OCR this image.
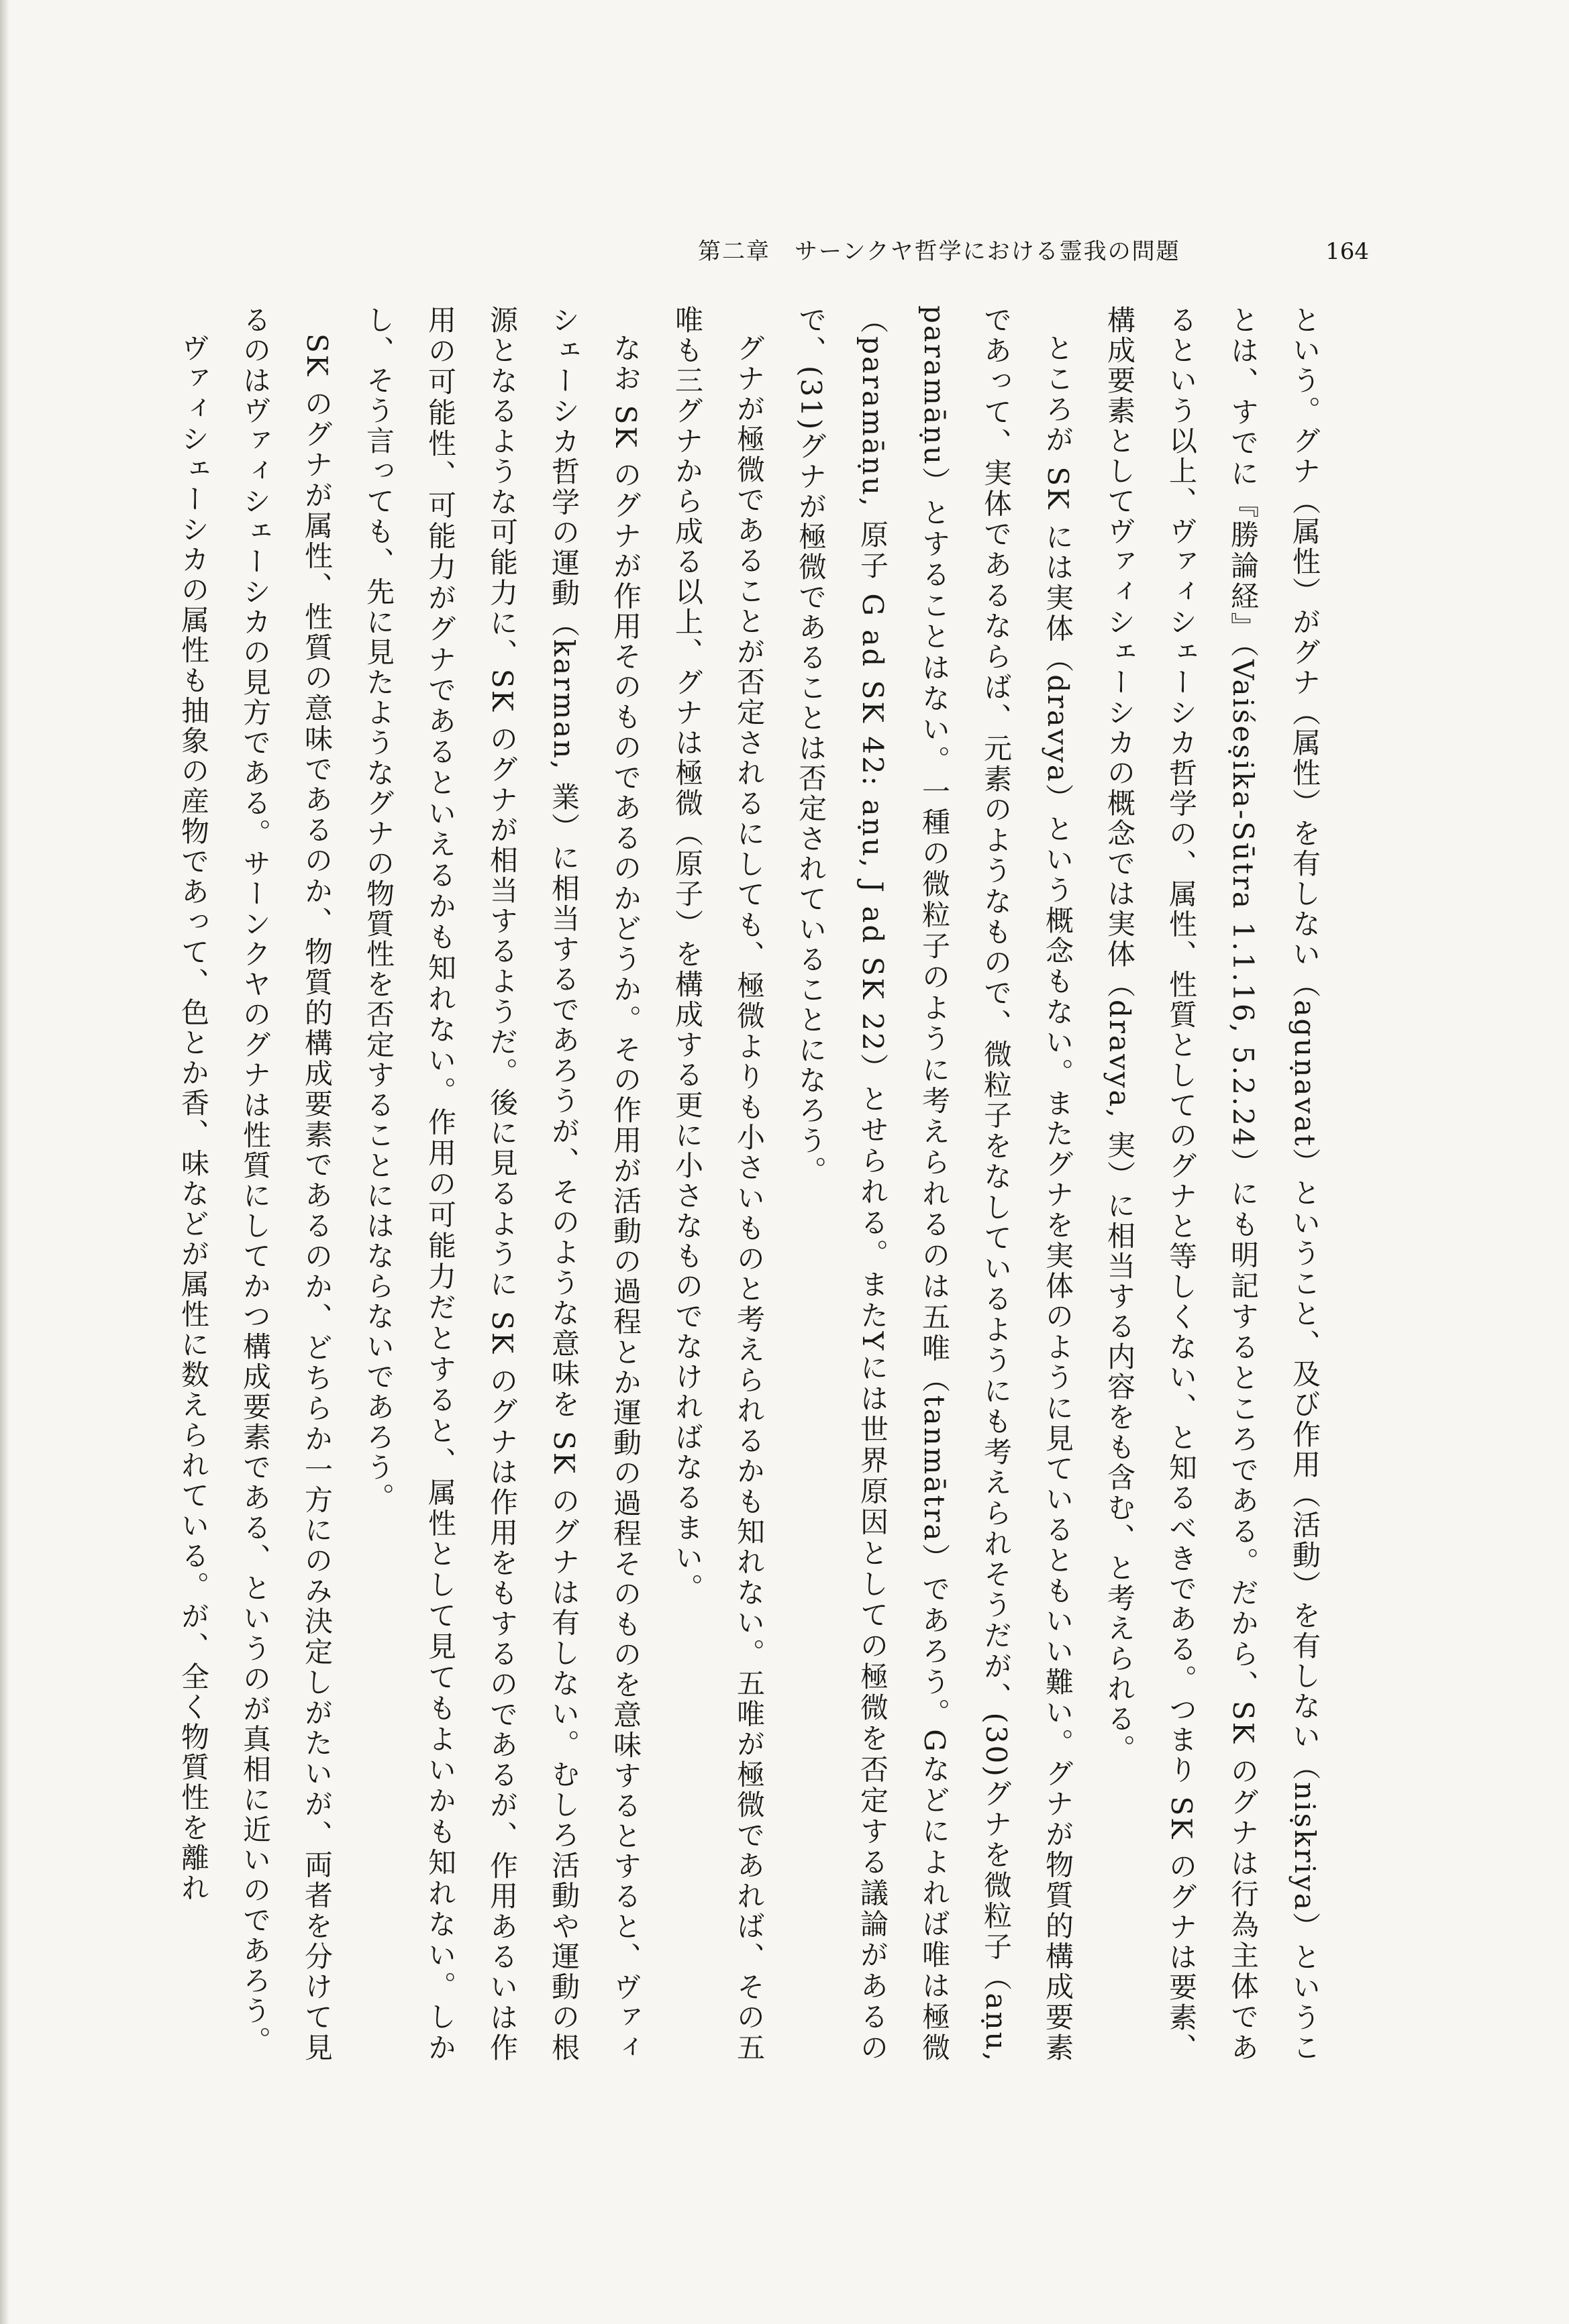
第二章　サーンクヤ哲学における霊我の問題	164

という。グナ（属性）がグナ（属性）を有しない（aguṇavat）ということ、及び作用（活動）を有しない（niṣkriya）ということは、すでに『勝論経』（Vaiśeṣika-Sūtra 1.1.16, 5.2.24）にも明記するところである。だから、SK のグナは行為主体であるという以上、ヴァィシェーシカ哲学の、属性、性質としてのグナと等しくない、と知るべきである。つまり SK のグナは要素、構成要素としてヴァィシェーシカの概念では実体（dravya, 実）に相当する内容をも含む、と考えられる。

ところが SK には実体（dravya）という概念もない。またグナを実体のように見ているともいい難い。グナが物質的構成要素であって、実体であるならば、元素のようなもので、微粒子をなしているようにも考えられそうだが、(30)グナを微粒子（aṇu, paramāṇu）とすることはない。一種の微粒子のように考えられるのは五唯（tanmātra）であろう。Gなどによれば唯は極微（paramāṇu, 原子 G ad SK 42: aṇu, J ad SK 22）とせられる。またYには世界原因としての極微を否定する議論があるので、(31)グナが極微であることは否定されていることになろう。

グナが極微であることが否定されるにしても、極微よりも小さいものと考えられるかも知れない。五唯が極微であれば、その五唯も三グナから成る以上、グナは極微（原子）を構成する更に小さなものでなければなるまい。

なお SK のグナが作用そのものであるのかどうか。その作用が活動の過程とか運動の過程そのものを意味するとすると、ヴァィシェーシカ哲学の運動（karman, 業）に相当するであろうが、そのような意味を SK のグナは有しない。むしろ活動や運動の根源となるような可能力に、SK のグナが相当するようだ。後に見るように SK のグナは作用をもするのであるが、作用あるいは作用の可能性、可能力がグナであるといえるかも知れない。作用の可能力だとすると、属性として見てもよいかも知れない。しかし、そう言っても、先に見たようなグナの物質性を否定することにはならないであろう。

SK のグナが属性、性質の意味であるのか、物質的構成要素であるのか、どちらか一方にのみ決定しがたいが、両者を分けて見るのはヴァィシェーシカの見方である。サーンクヤのグナは性質にしてかつ構成要素である、というのが真相に近いのであろう。

ヴァィシェーシカの属性も抽象の産物であって、色とか香、味などが属性に数えられている。が、全く物質性を離れ
